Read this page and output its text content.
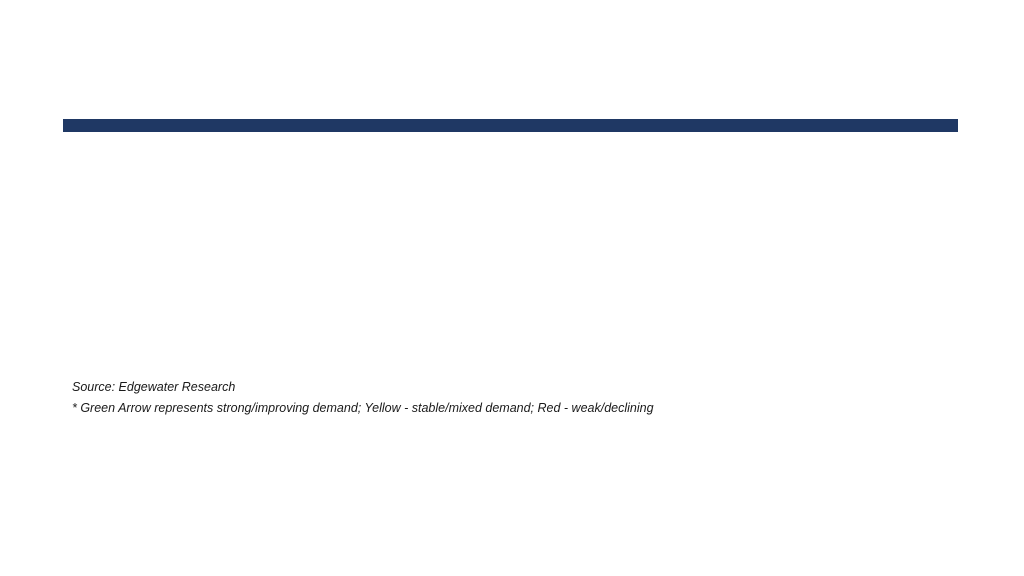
Source: Edgewater Research
* Green Arrow represents strong/improving demand; Yellow - stable/mixed demand; Red - weak/declining
